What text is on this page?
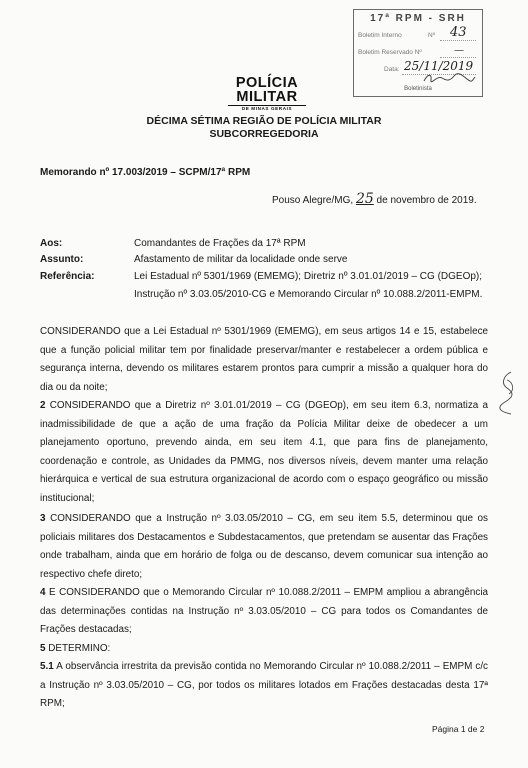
17ª RPM - SRH
Boletim Interno	Nº 43
Boletim Reservado Nº	—
Data: 25/11/2019
Boletinista
POLÍCIA
MILITAR
DE MINAS GERAIS
DÉCIMA SÉTIMA REGIÃO DE POLÍCIA MILITAR
SUBCORREGEDORIA
Memorando nº 17.003/2019 – SCPM/17ª RPM
Pouso Alegre/MG, 25 de novembro de 2019.
Aos:	Comandantes de Frações da 17ª RPM
Assunto:	Afastamento de militar da localidade onde serve
Referência:	Lei Estadual nº 5301/1969 (EMEMG); Diretriz nº 3.01.01/2019 – CG (DGEOp);
Instrução nº 3.03.05/2010-CG e Memorando Circular nº 10.088.2/2011-EMPM.
CONSIDERANDO que a Lei Estadual nº 5301/1969 (EMEMG), em seus artigos 14 e 15, estabelece que a função policial militar tem por finalidade preservar/manter e restabelecer a ordem pública e segurança interna, devendo os militares estarem prontos para cumprir a missão a qualquer hora do dia ou da noite;
2 CONSIDERANDO que a Diretriz nº 3.01.01/2019 – CG (DGEOp), em seu item 6.3, normatiza a inadmissibilidade de que a ação de uma fração da Polícia Militar deixe de obedecer a um planejamento oportuno, prevendo ainda, em seu item 4.1, que para fins de planejamento, coordenação e controle, as Unidades da PMMG, nos diversos níveis, devem manter uma relação hierárquica e vertical de sua estrutura organizacional de acordo com o espaço geográfico ou missão institucional;
3 CONSIDERANDO que a Instrução nº 3.03.05/2010 – CG, em seu item 5.5, determinou que os policiais militares dos Destacamentos e Subdestacamentos, que pretendam se ausentar das Frações onde trabalham, ainda que em horário de folga ou de descanso, devem comunicar sua intenção ao respectivo chefe direto;
4 E CONSIDERANDO que o Memorando Circular nº 10.088.2/2011 – EMPM ampliou a abrangência das determinações contidas na Instrução nº 3.03.05/2010 – CG para todos os Comandantes de Frações destacadas;
5 DETERMINO:
5.1 A observância irrestrita da previsão contida no Memorando Circular nº 10.088.2/2011 – EMPM c/c a Instrução nº 3.03.05/2010 – CG, por todos os militares lotados em Frações destacadas desta 17ª RPM;
Página 1 de 2
